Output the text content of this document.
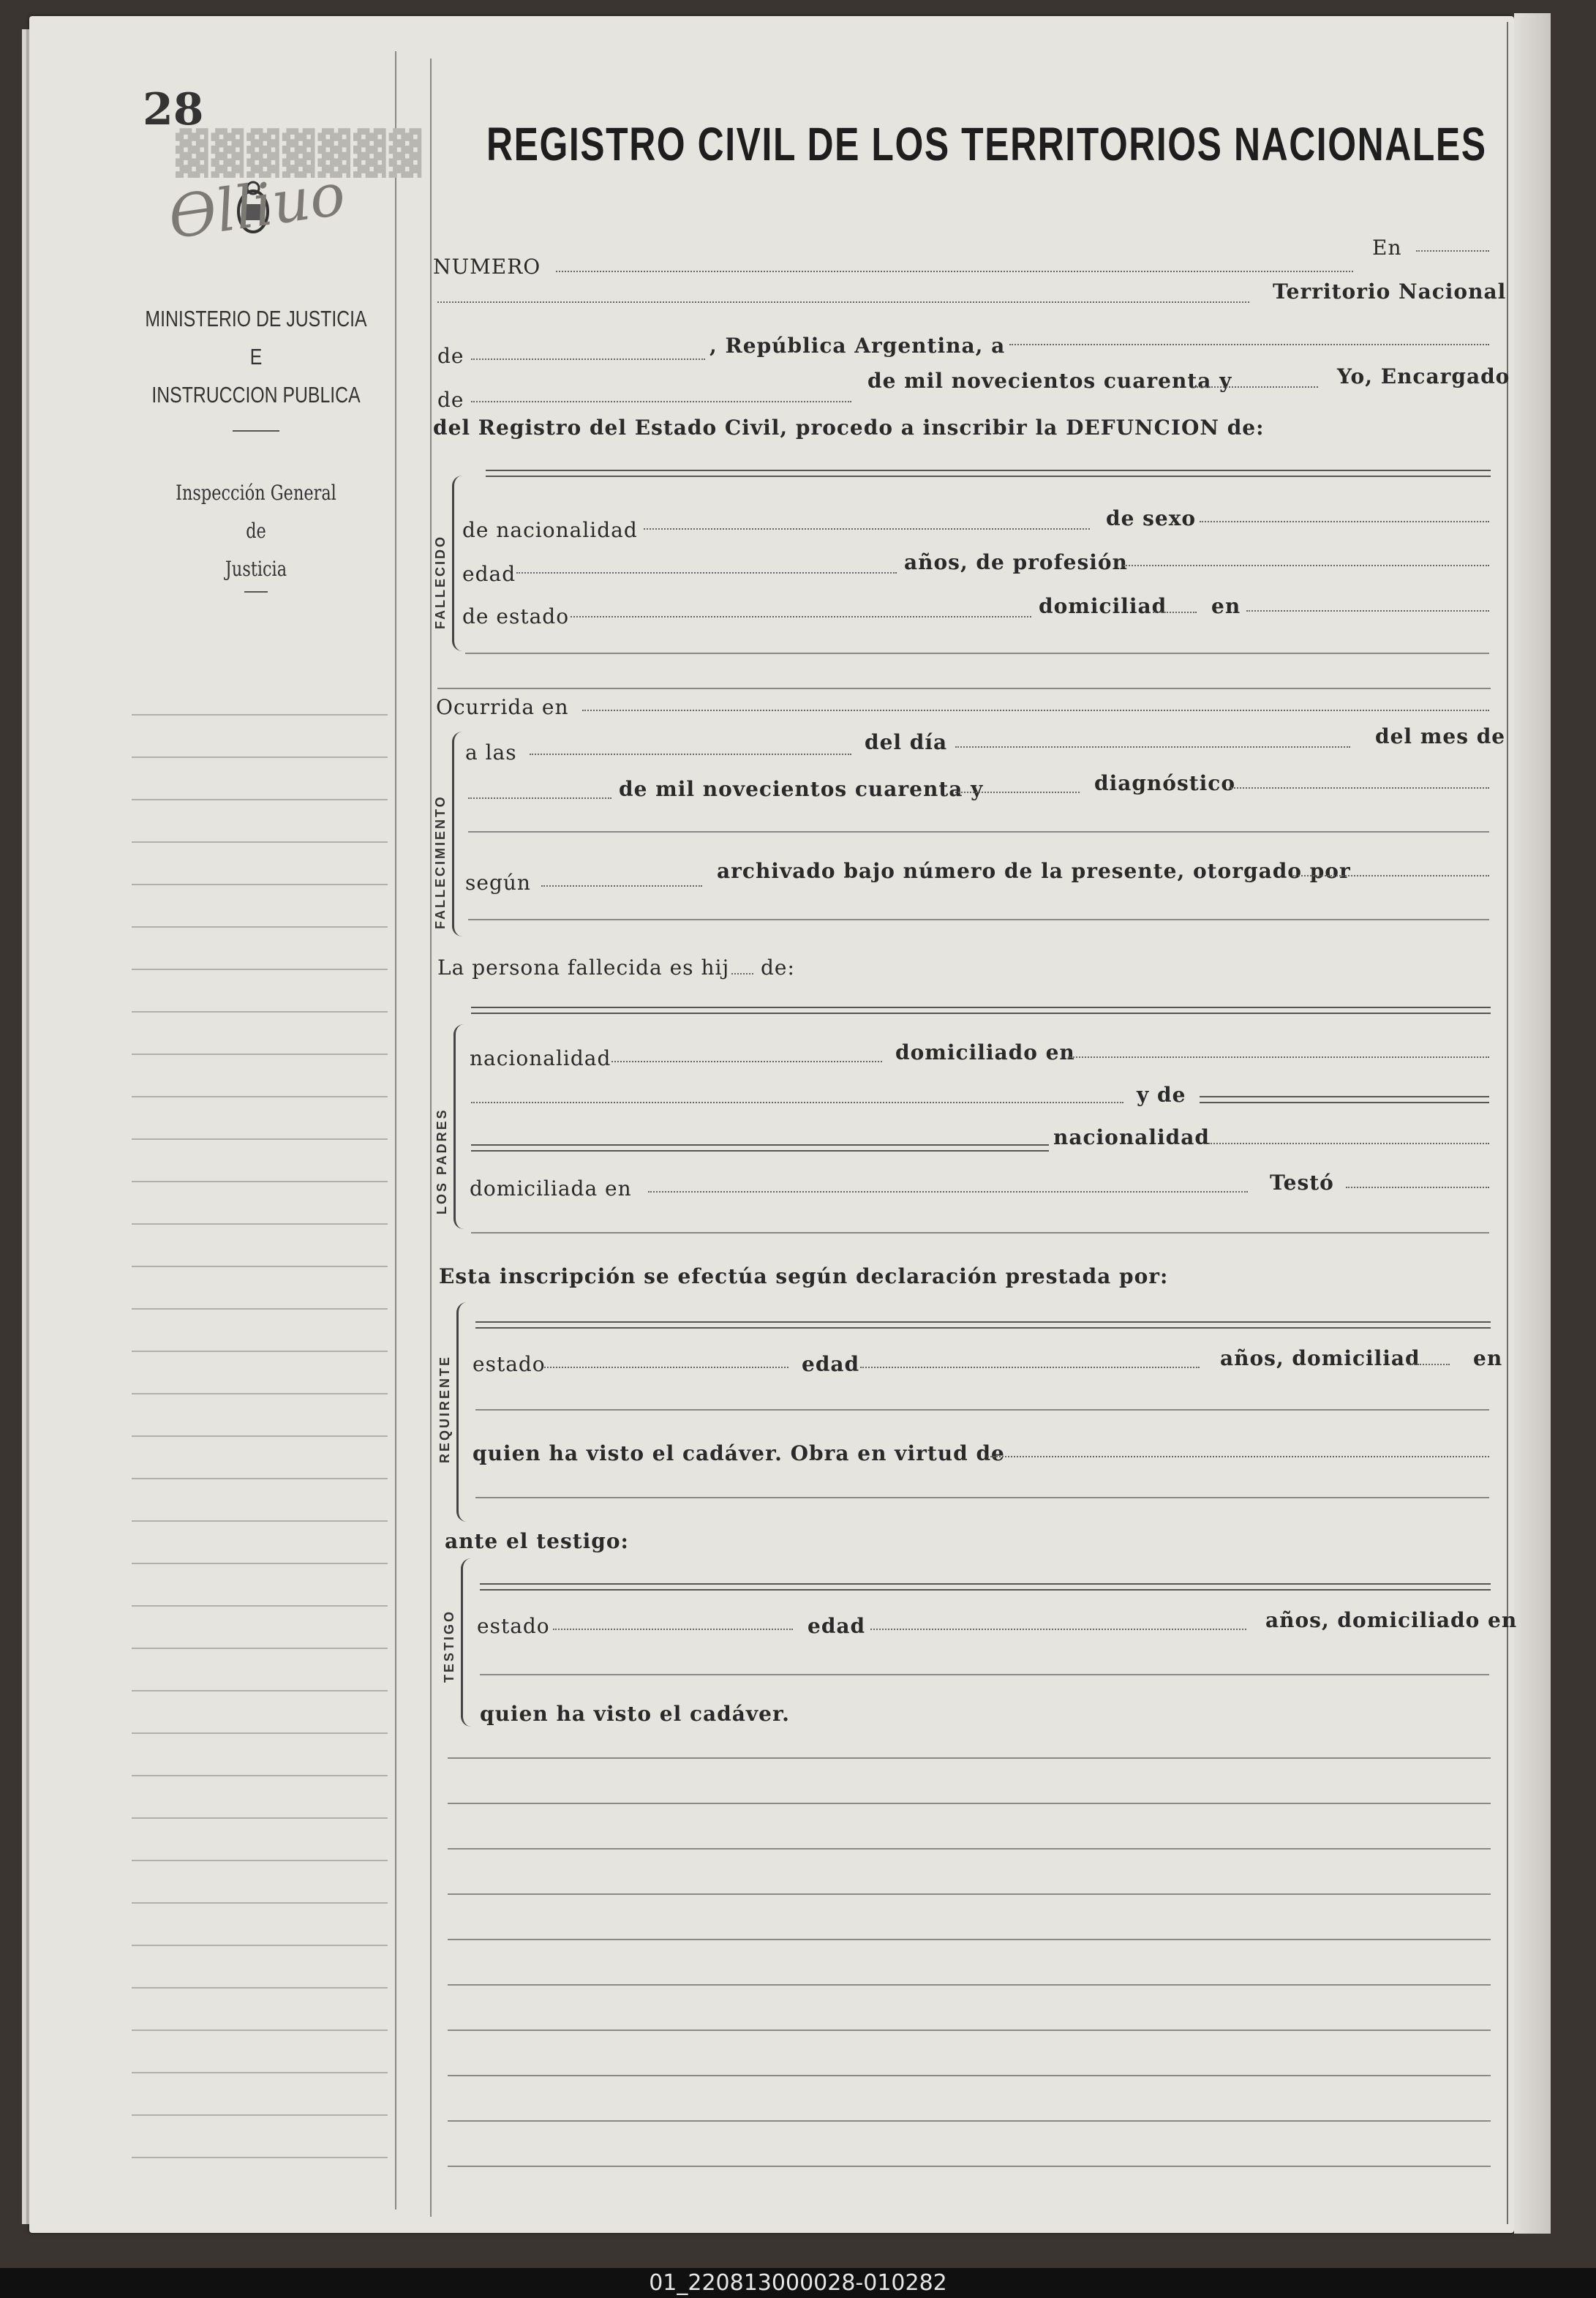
28
▓▓▓▓▓▓▓
Ѳlliuo
MINISTERIO DE JUSTICIA
E
INSTRUCCION PUBLICA
Inspección General
de
Justicia
REGISTRO CIVIL DE LOS TERRITORIOS NACIONALES
NUMERO
En
Territorio Nacional
de	, República Argentina, a
de
de mil novecientos cuarenta y	Yo, Encargado
del Registro del Estado Civil, procedo a inscribir la DEFUNCION de:
FALLECIDO
de nacionalidad	de sexo
edad	años, de profesión
de estado	domiciliad en
Ocurrida en
FALLECIMIENTO
a las	del día	del mes de
de mil novecientos cuarenta y	diagnóstico
según	archivado bajo número de la presente, otorgado por
La persona fallecida es hij de:
LOS PADRES
nacionalidad	domiciliado en
y de
nacionalidad
domiciliada en	Testó
Esta inscripción se efectúa según declaración prestada por:
REQUIRENTE estado	edad	años, domiciliad	en
quien ha visto el cadáver. Obra en virtud de
ante el testigo:
TESTIGO estado	edad	años, domiciliado en
quien ha visto el cadáver.
01_220813000028-010282
